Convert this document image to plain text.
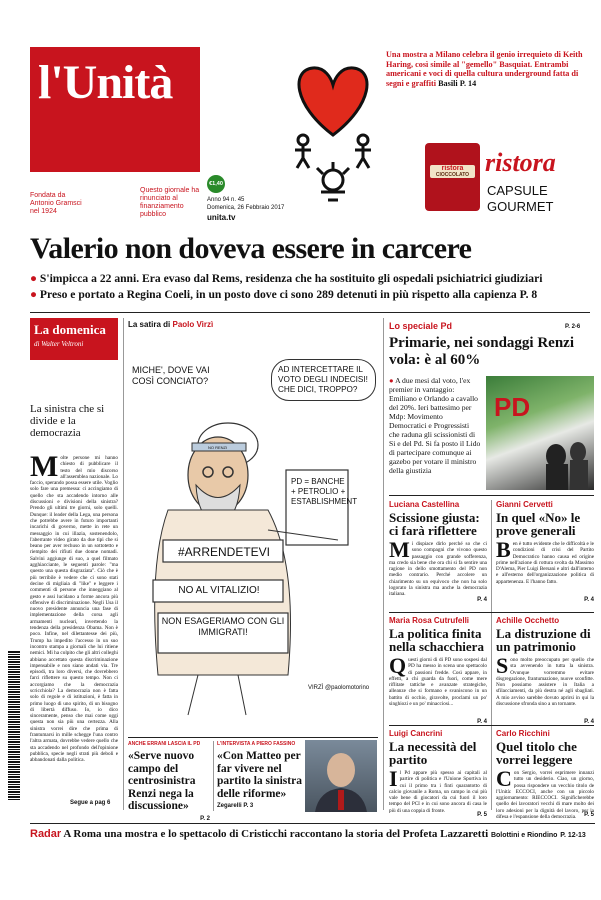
l'Unità
Fondata da Antonio Gramsci nel 1924
Questo giornale ha rinunciato al finanziamento pubblico
€1,40
Anno 94 n. 45
Domenica, 26 Febbraio 2017
unita.tv
Una mostra a Milano celebra il genio irrequieto di Keith Haring, così simile al "gemello" Basquiat. Entrambi americani e voci di quella cultura underground fatta di segni e graffiti Basili P. 14
ristora
CIOCCOLATO ristora
CAPSULE
GOURMET
Valerio non doveva essere in carcere
● S'impicca a 22 anni. Era evaso dal Rems, residenza che ha sostituito gli ospedali psichiatrici giudiziari
● Preso e portato a Regina Coeli, in un posto dove ci sono 289 detenuti in più rispetto alla capienza P. 8
La domenica
di Walter Veltroni
La sinistra che si divide e la democrazia
M olte persone mi hanno chiesto di pubblicare il testo del mio discorso all'assemblea nazionale. Lo faccio, sperando possa essere utile. Voglio solo fare una premessa: ci accingiamo di quello che sta accadendo intorno alle discussioni e divisioni della sinistra? Prendo gli ultimi tre giorni, solo quelli. Dunque: il leader della Lega, una persona che potrebbe avere in futuro importanti incarichi di governo, mette in rete un messaggio in cui illazia, sostenendolo, l'aberrante video girato da due tipi che si beano per aver rechuso in un sottotetto e riempito dei rifiuti due donne nomadi. Salvini aggiunge di suo, a quel filmato agghiacciante, le seguenti parole: "ma questo una questa disgraziata". Ciò che è più terribile è vedere che ci sono stati decine di migliaia di "like" e leggere i commenti di persone che inneggiano al gesto e assi lucidano a forme ancora più offensive di discriminazione. Negli Usa il nuovo presidente annuncia una fase di implementazione della corsa agli armamenti nucleari, invertendo la tendenza della presidenza Obama. Non è poco. Infine, nel dilettantesse dei più, Trump ha impedito l'accesso in un suo incontro stampa a giornali che lui ritiene nemici. Mi ha colpito che gli altri colleghi abbiano accettato questa discriminazione impensabile e non siano andati via. Tre episodi, tra loro diversi, che dovrebbero farci riflettere su questo tempo. Non ci accorgiamo che la democrazia scricchiola? La democrazia non è fatta solo di regole e di istituzioni, è fatta in primo luogo di uno spirito, di un bisogno di libertà diffuso. Io, io dico sinceramente, penso che mai come oggi questa non sia più una certezza. Alla sinistra vorrei dire che prima di frantumarsi in mille schegge l'una contro l'altra armata, dovrebbe vedere quello che sta accadendo nel profondo dell'opinione pubblica, specie negli strati più deboli e abbandonati dalla politica.
Segue a pag 6
La satira di Paolo Virzì
MICHE', DOVE VAI COSÌ CONCIATO?
AD INTERCETTARE IL VOTO DEGLI INDECISI! CHE DICI, TROPPO?
NO RENZI
PD = BANCHE + PETROLIO + ESTABLISHMENT
#ARRENDETEVI
NO AL VITALIZIO!
NON ESAGERIAMO CON GLI IMMIGRATI!
VIRZÌ @paolomotorino
ANCHE ERRANI LASCIA IL PD
«Serve nuovo campo del centrosinistra Renzi nega la discussione»
P. 2
L'INTERVISTA A PIERO FASSINO
«Con Matteo per far vivere nel partito la sinistra delle riforme»
Zegarelli P. 3
Lo speciale Pd	P. 2-6
Primarie, nei sondaggi Renzi vola: è al 60%
● A due mesi dal voto, l'ex premier in vantaggio: Emiliano e Orlando a cavallo del 20%. Ieri battesimo per Mdp: Movimento Democratici e Progressisti che raduna gli scissionisti di Si e del Pd. Si fa posto il Lido di partecipare comunque ai gazebo per votare il ministro della giustizia
PD
Luciana Castellina
Scissione giusta: ci farà riflettere
M i dispiace dirlo perché so che ci sono compagni che vivono questo passaggio con grande sofferenza, ma credo sia bene che ora chi si fa sentire una ragione in dello smottamento del PD non medio contrario. Perché accolere un chiarimento su un equivoco che non ha solo logorato la sinistra ma anche la democrazia italiana.
P. 4
Gianni Cervetti
In quel «No» le prove generali
B en è tutto evidente che le difficoltà e le condizioni di crisi del Partito Democratico hanno causa ed origine prime nell'azione di rottura svolta da Massimo D'Alema, Pier Luigi Bersani e altri dall'interno e all'esterno dell'organizzazione politica di appartenenza. E l'hanno fatto.
P. 4
Maria Rosa Cutrufelli
La politica finita nella schacchiera
Q uesti giorni di di PD sono sospesi dal PD ha messo in scena uno spettacolo di passioni fredde. Così appare, in effetti, a chi guarda da fuori, come mere riflitate tattiche e avanzate strategiche, alleanze che si formano e svaniscono in un battito di occhio, giravolte, proclami un po' singhiozi e un po' minacciosi...
P. 4
Achille Occhetto
La distruzione di un patrimonio
S ono molto preoccupato per quello che sta avvenendo in tutta la sinistra. Ovunque vorremmo evitare disgregazione, frantumazione, nuove sconfitte. Non possiamo assistere in Italia a sfilacciamenti, da più destra né agli sbagliati. A mio avviso sarebbe dovuto aprirsi in qui la discussione sfronda sino a un tornante.
P. 4
Luigi Cancrini
La necessità del partito
I l Pd appare più spesso ai capitali al partire di politica e l'Unione Sportiva in cui il primo tra i finti quarantotto di calcio giovanile a Roma, un campo in cui più vale bene di giocatori da cui fuori il loro tempo del PCI e in cui sono ancora di casa le più di una coppia di fronte.
P. 5
Carlo Ricchini
Quel titolo che vorrei leggere
C on Sergio, vorrei esprimere innanzi tutto un desiderio. Ciao, un giorno, possa rispondere un vecchio titolo de l'Unità: ECCOCI, anche con un piccolo aggiornamento: RIECCOCI. Significherebbe quello dei lavoratori vecchi di mare molto dei loro adesioni per la dignità del lavoro, per la difesa e l'espansione della democrazia.	P. 5
Radar A Roma una mostra e lo spettacolo di Cristicchi raccontano la storia del Profeta Lazzaretti Bolottini e Riondino P. 12-13
